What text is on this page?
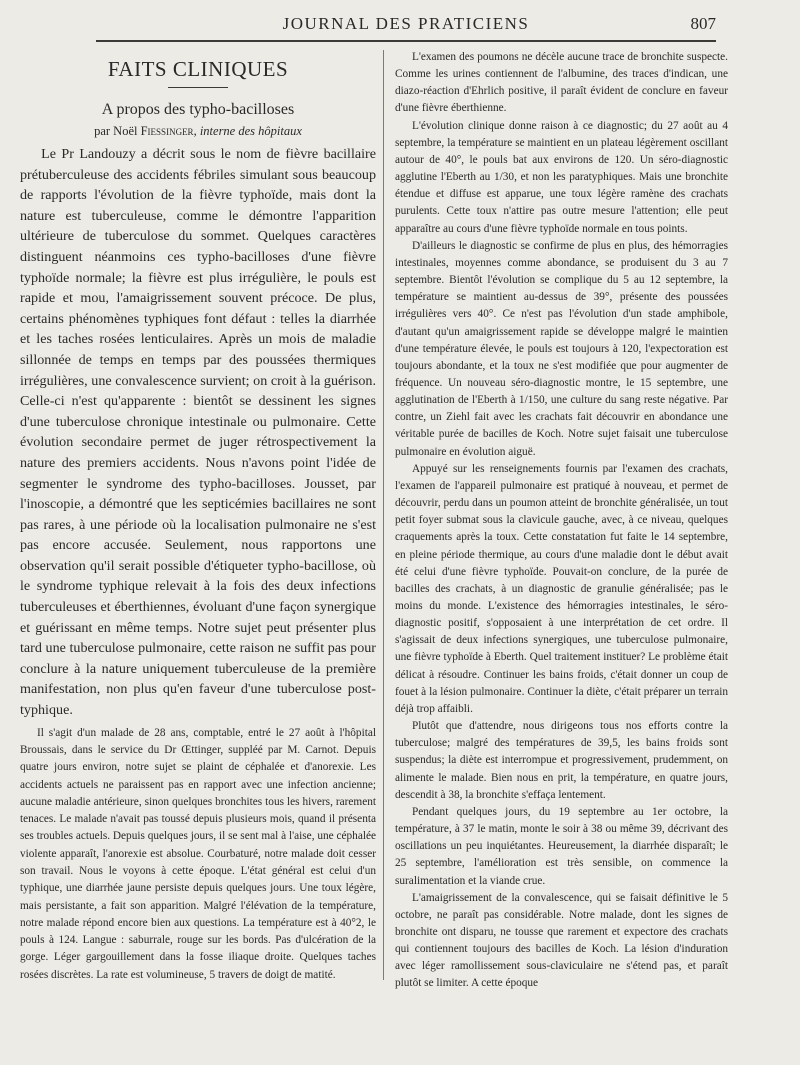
JOURNAL DES PRATICIENS	807
FAITS CLINIQUES
A propos des typho-bacilloses
par Noël Fiessinger, interne des hôpitaux

Le Pr Landouzy a décrit sous le nom de fièvre bacillaire prétuberculeuse des accidents fébriles simulant sous beaucoup de rapports l'évolution de la fièvre typhoïde, mais dont la nature est tuberculeuse, comme le démontre l'apparition ultérieure de tuberculose du sommet. Quelques caractères distinguent néanmoins ces typho-bacilloses d'une fièvre typhoïde normale; la fièvre est plus irrégulière, le pouls est rapide et mou, l'amaigrissement souvent précoce. De plus, certains phénomènes typhiques font défaut : telles la diarrhée et les taches rosées lenticulaires. Après un mois de maladie sillonnée de temps en temps par des poussées thermiques irrégulières, une convalescence survient; on croit à la guérison. Celle-ci n'est qu'apparente : bientôt se dessinent les signes d'une tuberculose chronique intestinale ou pulmonaire. Cette évolution secondaire permet de juger rétrospectivement la nature des premiers accidents. Nous n'avons point l'idée de segmenter le syndrome des typho-bacilloses. Jousset, par l'inoscopie, a démontré que les septicémies bacillaires ne sont pas rares, à une période où la localisation pulmonaire ne s'est pas encore accusée. Seulement, nous rapportons une observation qu'il serait possible d'étiqueter typho-bacillose, où le syndrome typhique relevait à la fois des deux infections tuberculeuses et éberthiennes, évoluant d'une façon synergique et guérissant en même temps. Notre sujet peut présenter plus tard une tuberculose pulmonaire, cette raison ne suffit pas pour conclure à la nature uniquement tuberculeuse de la première manifestation, non plus qu'en faveur d'une tuberculose post-typhique.

Il s'agit d'un malade de 28 ans, comptable, entré le 27 août à l'hôpital Broussais, dans le service du Dr Œttinger, suppléé par M. Carnot. Depuis quatre jours environ, notre sujet se plaint de céphalée et d'anorexie. Les accidents actuels ne paraissent pas en rapport avec une infection ancienne; aucune maladie antérieure, sinon quelques bronchites tous les hivers, rarement tenaces. Le malade n'avait pas toussé depuis plusieurs mois, quand il présenta ses troubles actuels. Depuis quelques jours, il se sent mal à l'aise, une céphalée violente apparaît, l'anorexie est absolue. Courbaturé, notre malade doit cesser son travail. Nous le voyons à cette époque. L'état général est celui d'un typhique, une diarrhée jaune persiste depuis quelques jours. Une toux légère, mais persistante, a fait son apparition. Malgré l'élévation de la température, notre malade répond encore bien aux questions. La température est à 40°2, le pouls à 124. Langue : saburrale, rouge sur les bords. Pas d'ulcération de la gorge. Léger gargouillement dans la fosse iliaque droite. Quelques taches rosées discrètes. La rate est volumineuse, 5 travers de doigt de matité.

L'examen des poumons ne décèle aucune trace de bronchite suspecte. Comme les urines contiennent de l'albumine, des traces d'indican, une diazo-réaction d'Ehrlich positive, il paraît évident de conclure en faveur d'une fièvre éberthienne.

L'évolution clinique donne raison à ce diagnostic; du 27 août au 4 septembre, la température se maintient en un plateau légèrement oscillant autour de 40°, le pouls bat aux environs de 120. Un séro-diagnostic agglutine l'Eberth au 1/30, et non les paratyphiques. Mais une bronchite étendue et diffuse est apparue, une toux légère ramène des crachats purulents. Cette toux n'attire pas outre mesure l'attention; elle peut apparaître au cours d'une fièvre typhoïde normale en tous points.

D'ailleurs le diagnostic se confirme de plus en plus, des hémorragies intestinales, moyennes comme abondance, se produisent du 3 au 7 septembre. Bientôt l'évolution se complique du 5 au 12 septembre, la température se maintient au-dessus de 39°, présente des poussées irrégulières vers 40°. Ce n'est pas l'évolution d'un stade amphibole, d'autant qu'un amaigrissement rapide se développe malgré le maintien d'une température élevée, le pouls est toujours à 120, l'expectoration est toujours abondante, et la toux ne s'est modifiée que pour augmenter de fréquence. Un nouveau séro-diagnostic montre, le 15 septembre, une agglutination de l'Eberth à 1/150, une culture du sang reste négative. Par contre, un Ziehl fait avec les crachats fait découvrir en abondance une véritable purée de bacilles de Koch. Notre sujet faisait une tuberculose pulmonaire en évolution aiguë.

Appuyé sur les renseignements fournis par l'examen des crachats, l'examen de l'appareil pulmonaire est pratiqué à nouveau, et permet de découvrir, perdu dans un poumon atteint de bronchite généralisée, un tout petit foyer submat sous la clavicule gauche, avec, à ce niveau, quelques craquements après la toux. Cette constatation fut faite le 14 septembre, en pleine période thermique, au cours d'une maladie dont le début avait été celui d'une fièvre typhoïde. Pouvait-on conclure, de la purée de bacilles des crachats, à un diagnostic de granulie généralisée; pas le moins du monde. L'existence des hémorragies intestinales, le séro-diagnostic positif, s'opposaient à une interprétation de cet ordre. Il s'agissait de deux infections synergiques, une tuberculose pulmonaire, une fièvre typhoïde à Eberth. Quel traitement instituer? Le problème était délicat à résoudre. Continuer les bains froids, c'était donner un coup de fouet à la lésion pulmonaire. Continuer la diète, c'était préparer un terrain déjà trop affaibli.

Plutôt que d'attendre, nous dirigeons tous nos efforts contre la tuberculose; malgré des températures de 39,5, les bains froids sont suspendus; la diète est interrompue et progressivement, prudemment, on alimente le malade. Bien nous en prit, la température, en quatre jours, descendit à 38, la bronchite s'effaça lentement.

Pendant quelques jours, du 19 septembre au 1er octobre, la température, à 37 le matin, monte le soir à 38 ou même 39, décrivant des oscillations un peu inquiétantes. Heureusement, la diarrhée disparaît; le 25 septembre, l'amélioration est très sensible, on commence la suralimentation et la viande crue.

L'amaigrissement de la convalescence, qui se faisait définitive le 5 octobre, ne paraît pas considérable. Notre malade, dont les signes de bronchite ont disparu, ne tousse que rarement et expectore des crachats qui contiennent toujours des bacilles de Koch. La lésion d'induration avec léger ramollissement sous-claviculaire ne s'étend pas, et paraît plutôt se limiter. A cette époque
